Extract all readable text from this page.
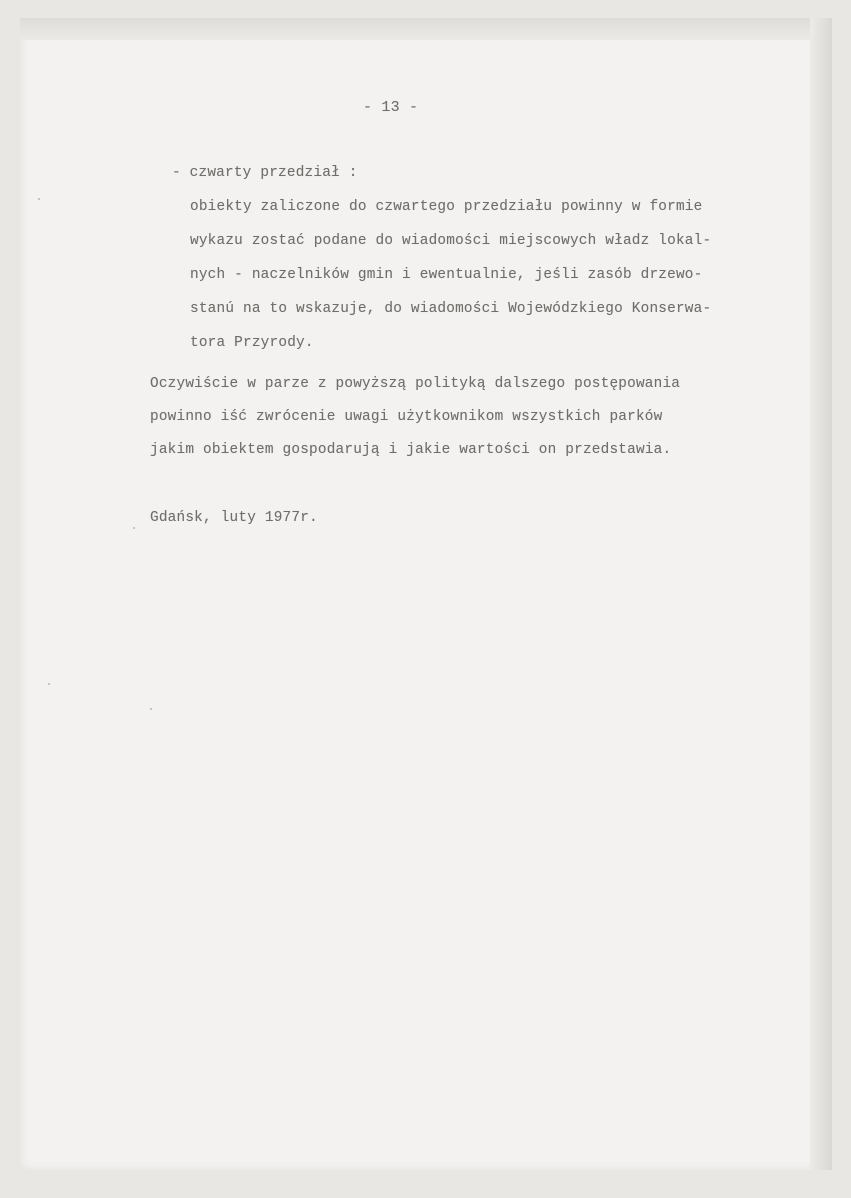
- 13 -
- czwarty przedział :
obiekty zaliczone do czwartego przedziału powinny w formie
wykazu zostać podane do wiadomości miejscowych władz lokal-
nych - naczelników gmin i ewentualnie, jeśli zasób drzewo-
stanú na to wskazuje, do wiadomości Wojewódzkiego Konserwa-
tora Przyrody.
Oczywiście w parze z powyższą polityką dalszego postępowania
powinno iść zwrócenie uwagi użytkownikom wszystkich parków
jakim obiektem gospodarują i jakie wartości on przedstawia.
Gdańsk, luty 1977r.
